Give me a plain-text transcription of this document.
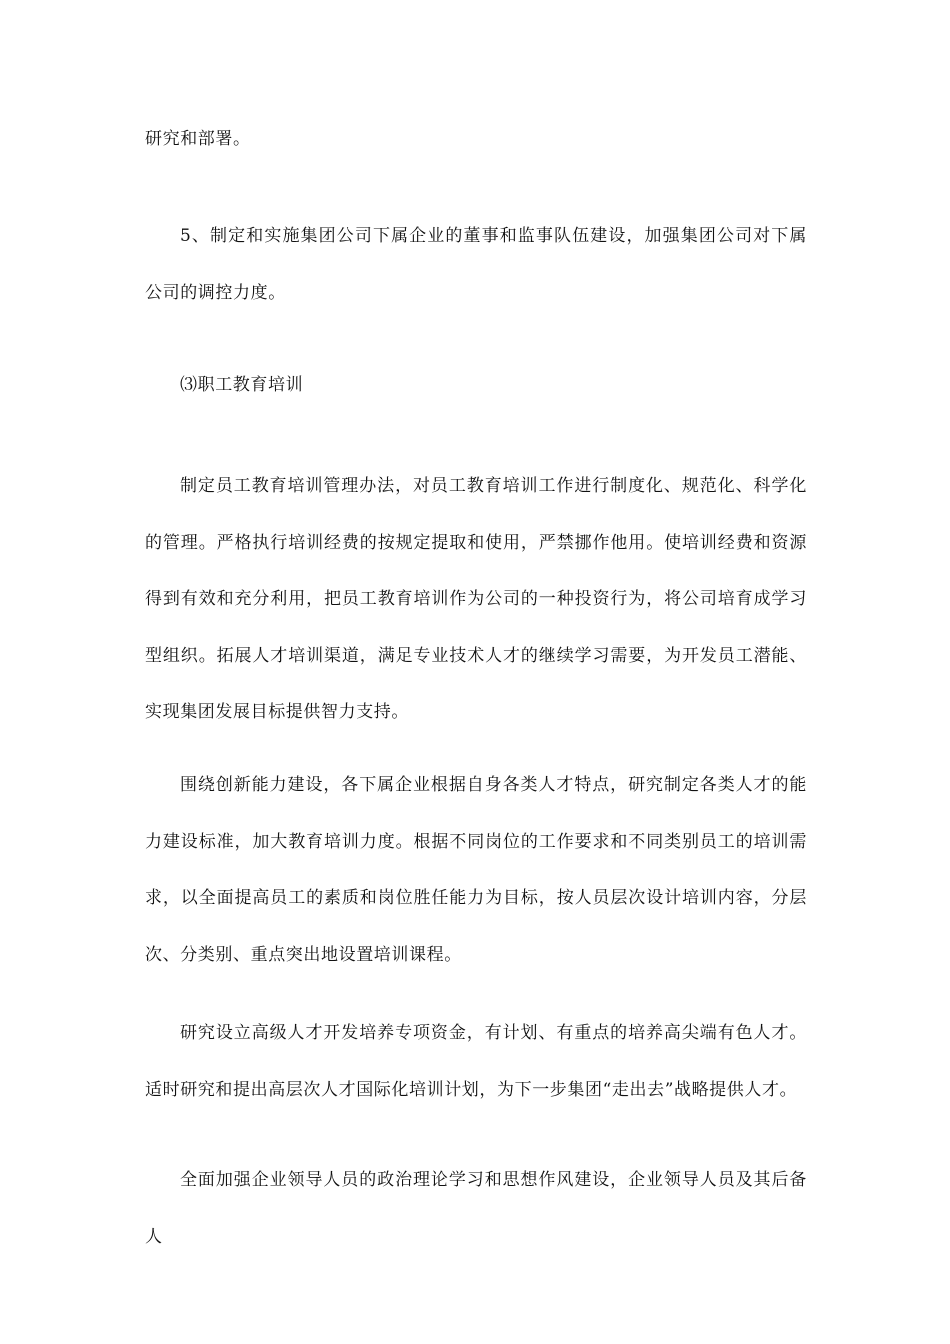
研究和部署。

5、制定和实施集团公司下属企业的董事和监事队伍建设，加强集团公司对下属公司的调控力度。

⑶职工教育培训

制定员工教育培训管理办法，对员工教育培训工作进行制度化、规范化、科学化的管理。严格执行培训经费的按规定提取和使用，严禁挪作他用。使培训经费和资源得到有效和充分利用，把员工教育培训作为公司的一种投资行为，将公司培育成学习型组织。拓展人才培训渠道，满足专业技术人才的继续学习需要，为开发员工潜能、实现集团发展目标提供智力支持。

围绕创新能力建设，各下属企业根据自身各类人才特点，研究制定各类人才的能力建设标准，加大教育培训力度。根据不同岗位的工作要求和不同类别员工的培训需求，以全面提高员工的素质和岗位胜任能力为目标，按人员层次设计培训内容，分层次、分类别、重点突出地设置培训课程。

研究设立高级人才开发培养专项资金，有计划、有重点的培养高尖端有色人才。适时研究和提出高层次人才国际化培训计划，为下一步集团“走出去”战略提供人才。

全面加强企业领导人员的政治理论学习和思想作风建设，企业领导人员及其后备人
